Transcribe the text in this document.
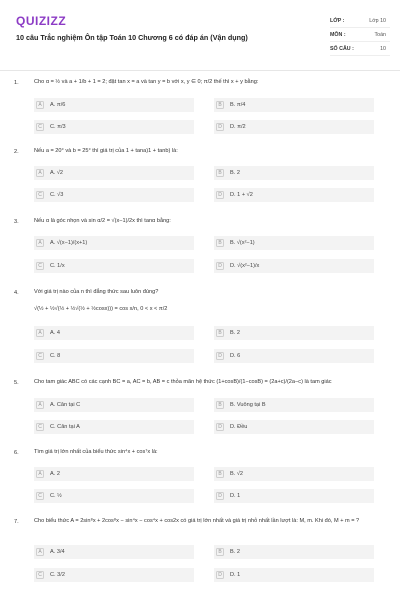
QUIZIZZ
10 câu Trắc nghiệm Ôn tập Toán 10 Chương 6 có đáp án (Vận dụng)
LỚP :	Lớp 10
MÔN :	Toán
SỐ CÂU :	10
1.	Cho α = ½ và a + 1/b + 1 = 2; đặt tan x = a và tan y = b với x, y ∈ 0; π/2 thế thì x + y bằng:
A	A. π/6	B	B. π/4
C	C. π/3	D	D. π/2
2.	Nếu a = 20° và b = 25° thì giá trị của 1 + tana)1 + tanb) là:
A	A. √2	B	B. 2
C	C. √3	D	D. 1 + √2
3.	Nếu α là góc nhọn và sin α/2 = √(x−1)/2x thì tanα bằng:
A	A. √(x−1)/(x+1)	B	B. √(x²−1)
C	C. 1/x	D	D. √(x²−1)/x
4.	Với giá trị nào của n thì đẳng thức sau luôn đúng?
√(½ + ½√(½ + ½√(½ + ½cosx))) = cos x/n, 0 < x < π/2
A	A. 4	B	B. 2
C	C. 8	D	D. 6
5.	Cho tam giác ABC có các cạnh BC = a, AC = b, AB = c thỏa mãn hệ thức (1+cosB)/(1−cosB) = (2a+c)/(2a−c) là tam giác
A	A. Cân tại C	B	B. Vuông tại B
C	C. Cân tại A	D	D. Đều
6.	Tìm giá trị lớn nhất của biểu thức sin⁴x + cos⁷x là:
A	A. 2	B	B. √2
C	C. ½	D	D. 1
7.	Cho biểu thức A = 2sin⁸x + 2cos⁸x − sin⁴x − cos⁴x + cos2x có giá trị lớn nhất và giá trị nhỏ nhất lần lượt là: M, m. Khi đó, M + m = ?
A	A. 3/4	B	B. 2
C	C. 3/2	D	D. 1
